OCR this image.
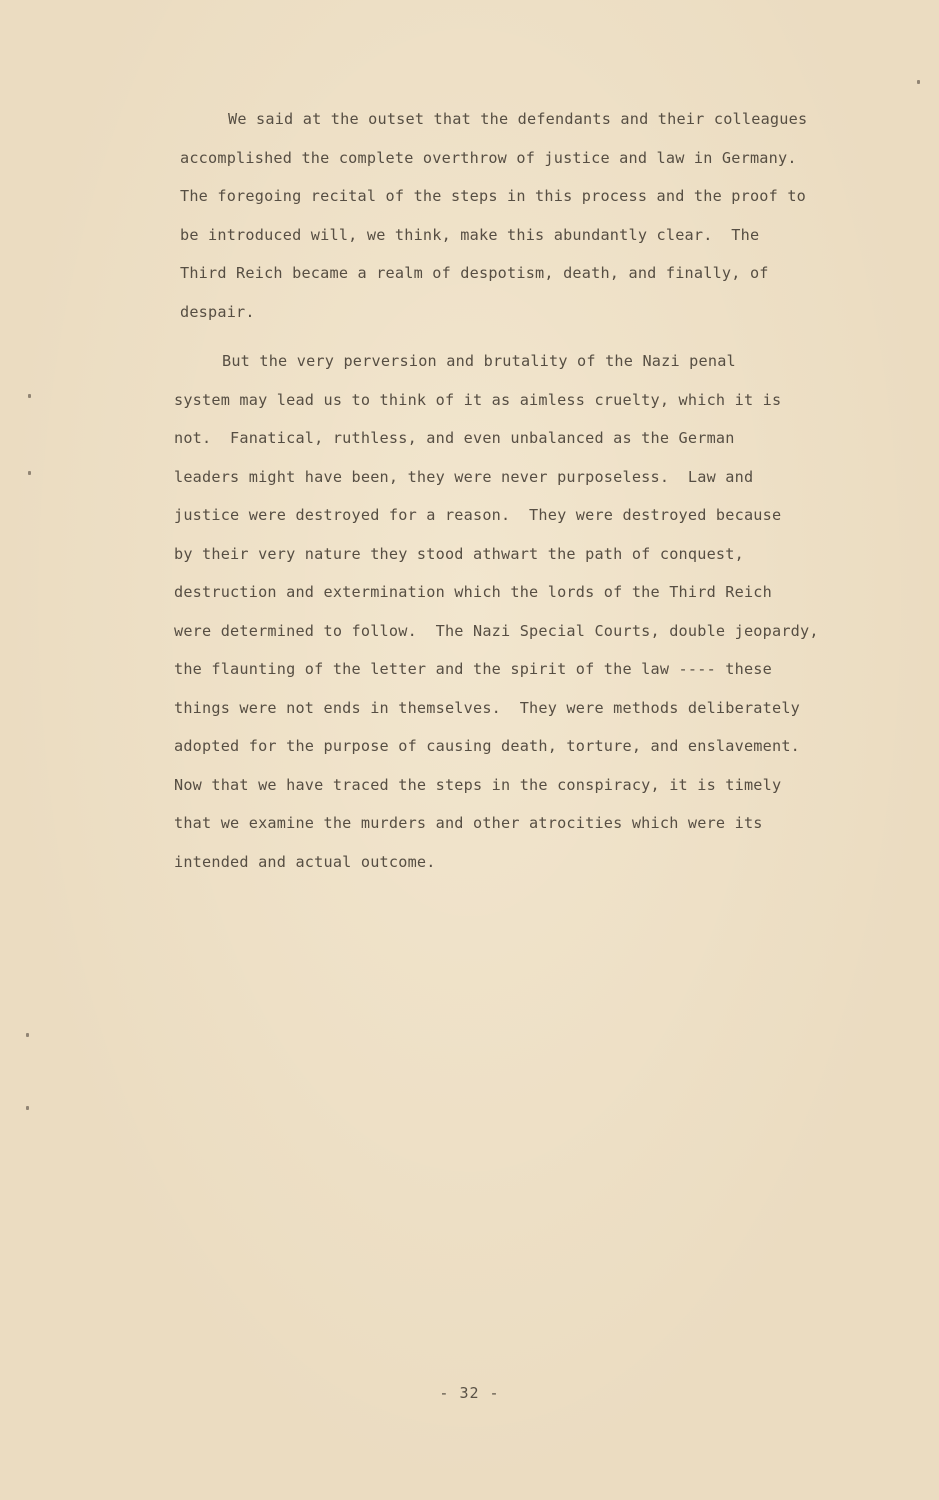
We said at the outset that the defendants and their colleagues
accomplished the complete overthrow of justice and law in Germany.
The foregoing recital of the steps in this process and the proof to
be introduced will, we think, make this abundantly clear.  The
Third Reich became a realm of despotism, death, and finally, of
despair.
But the very perversion and brutality of the Nazi penal
system may lead us to think of it as aimless cruelty, which it is
not.  Fanatical, ruthless, and even unbalanced as the German
leaders might have been, they were never purposeless.  Law and
justice were destroyed for a reason.  They were destroyed because
by their very nature they stood athwart the path of conquest,
destruction and extermination which the lords of the Third Reich
were determined to follow.  The Nazi Special Courts, double jeopardy,
the flaunting of the letter and the spirit of the law ---- these
things were not ends in themselves.  They were methods deliberately
adopted for the purpose of causing death, torture, and enslavement.
Now that we have traced the steps in the conspiracy, it is timely
that we examine the murders and other atrocities which were its
intended and actual outcome.
- 32 -
